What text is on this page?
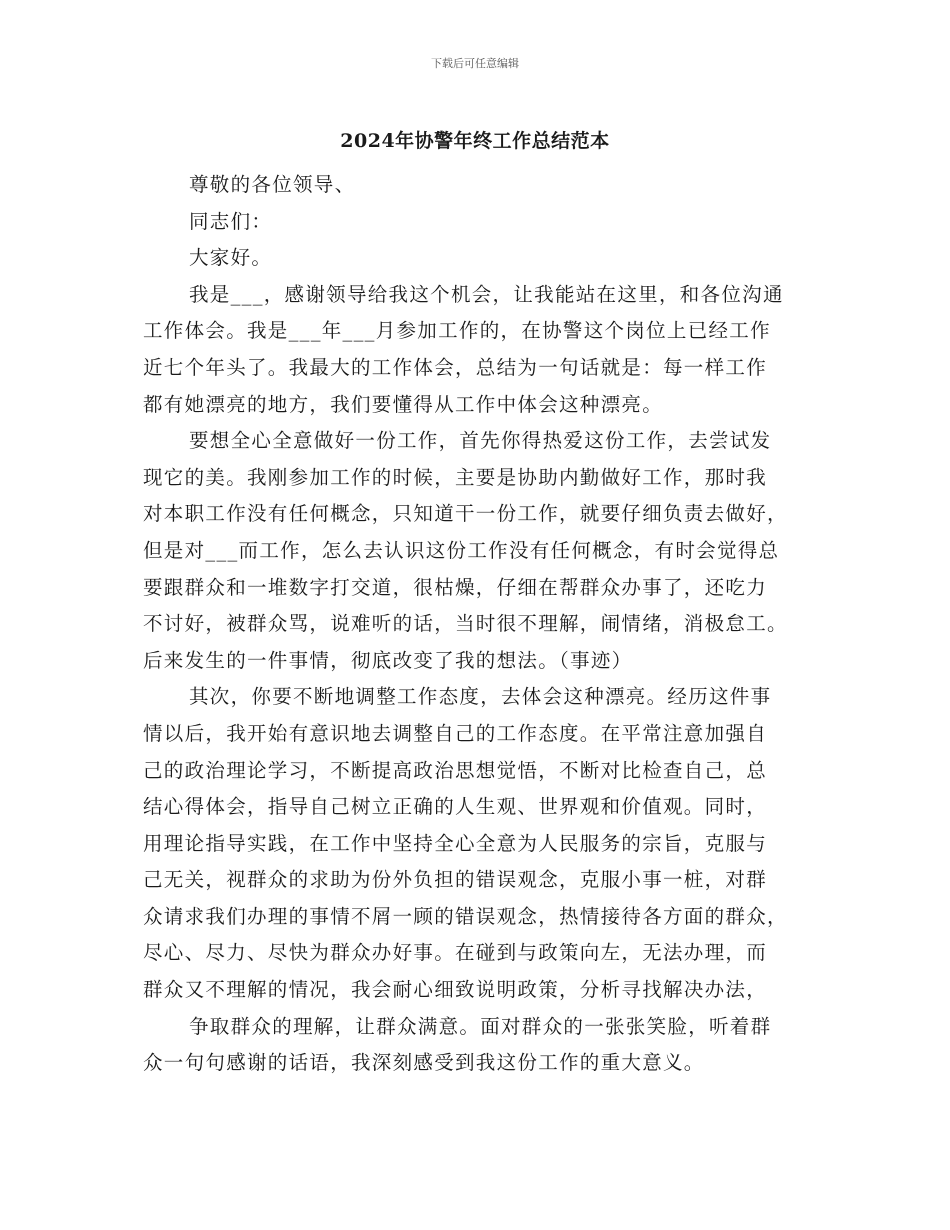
下载后可任意编辑
2024年协警年终工作总结范本
尊敬的各位领导、
同志们：
大家好。
我是___，感谢领导给我这个机会，让我能站在这里，和各位沟通
工作体会。我是___年___月参加工作的，在协警这个岗位上已经工作
近七个年头了。我最大的工作体会，总结为一句话就是：每一样工作
都有她漂亮的地方，我们要懂得从工作中体会这种漂亮。
要想全心全意做好一份工作，首先你得热爱这份工作，去尝试发
现它的美。我刚参加工作的时候，主要是协助内勤做好工作，那时我
对本职工作没有任何概念，只知道干一份工作，就要仔细负责去做好，
但是对___而工作，怎么去认识这份工作没有任何概念，有时会觉得总
要跟群众和一堆数字打交道，很枯燥，仔细在帮群众办事了，还吃力
不讨好，被群众骂，说难听的话，当时很不理解，闹情绪，消极怠工。
后来发生的一件事情，彻底改变了我的想法。（事迹）
其次，你要不断地调整工作态度，去体会这种漂亮。经历这件事
情以后，我开始有意识地去调整自己的工作态度。在平常注意加强自
己的政治理论学习，不断提高政治思想觉悟，不断对比检查自己，总
结心得体会，指导自己树立正确的人生观、世界观和价值观。同时，
用理论指导实践，在工作中坚持全心全意为人民服务的宗旨，克服与
己无关，视群众的求助为份外负担的错误观念，克服小事一桩，对群
众请求我们办理的事情不屑一顾的错误观念，热情接待各方面的群众，
尽心、尽力、尽快为群众办好事。在碰到与政策向左，无法办理，而
群众又不理解的情况，我会耐心细致说明政策，分析寻找解决办法，
争取群众的理解，让群众满意。面对群众的一张张笑脸，听着群
众一句句感谢的话语，我深刻感受到我这份工作的重大意义。
